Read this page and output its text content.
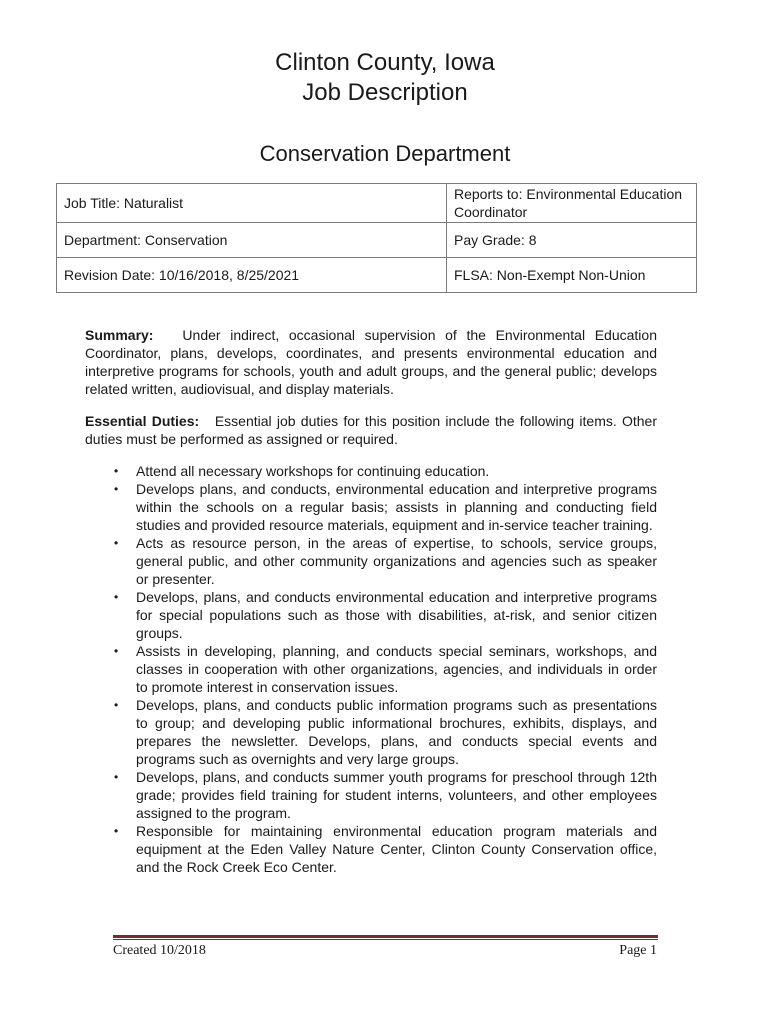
Clinton County, Iowa
Job Description
Conservation Department
Job Title: Naturalist	Reports to: Environmental Education Coordinator
Department: Conservation	Pay Grade: 8
Revision Date: 10/16/2018, 8/25/2021	FLSA: Non-Exempt Non-Union

Summary: Under indirect, occasional supervision of the Environmental Education Coordinator, plans, develops, coordinates, and presents environmental education and interpretive programs for schools, youth and adult groups, and the general public; develops related written, audiovisual, and display materials.

Essential Duties: Essential job duties for this position include the following items. Other duties must be performed as assigned or required.

• Attend all necessary workshops for continuing education.
• Develops plans, and conducts, environmental education and interpretive programs within the schools on a regular basis; assists in planning and conducting field studies and provided resource materials, equipment and in-service teacher training.
• Acts as resource person, in the areas of expertise, to schools, service groups, general public, and other community organizations and agencies such as speaker or presenter.
• Develops, plans, and conducts environmental education and interpretive programs for special populations such as those with disabilities, at-risk, and senior citizen groups.
• Assists in developing, planning, and conducts special seminars, workshops, and classes in cooperation with other organizations, agencies, and individuals in order to promote interest in conservation issues.
• Develops, plans, and conducts public information programs such as presentations to group; and developing public informational brochures, exhibits, displays, and prepares the newsletter. Develops, plans, and conducts special events and programs such as overnights and very large groups.
• Develops, plans, and conducts summer youth programs for preschool through 12th grade; provides field training for student interns, volunteers, and other employees assigned to the program.
• Responsible for maintaining environmental education program materials and equipment at the Eden Valley Nature Center, Clinton County Conservation office, and the Rock Creek Eco Center.
Created 10/2018	Page 1
